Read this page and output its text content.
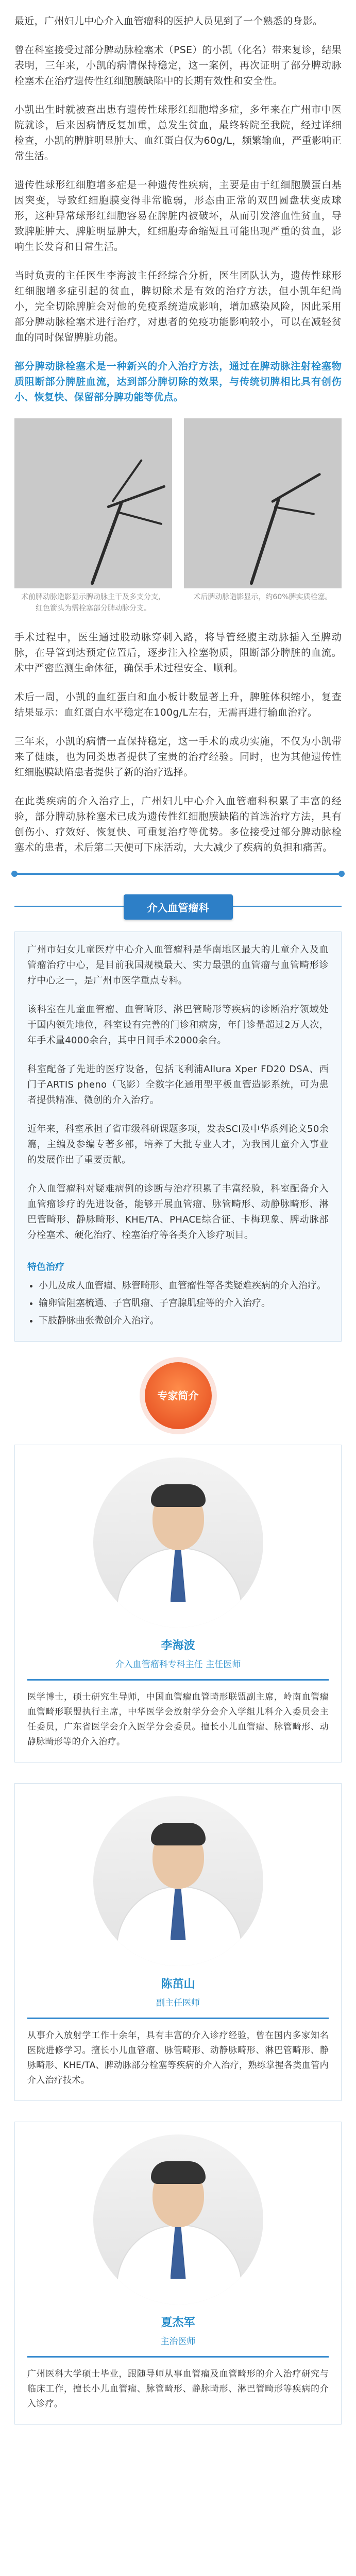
最近，广州妇儿中心介入血管瘤科的医护人员见到了一个熟悉的身影。

曾在科室接受过部分脾动脉栓塞术（PSE）的小凯（化名）带来复诊，结果表明，三年来，小凯的病情保持稳定，这一案例，再次证明了部分脾动脉栓塞术在治疗遗传性红细胞膜缺陷中的长期有效性和安全性。

小凯出生时就被查出患有遗传性球形红细胞增多症，多年来在广州市中医院就诊，后来因病情反复加重，总发生贫血，最终转院至我院，经过详细检查，小凯的脾脏明显肿大、血红蛋白仅为60g/L，频繁输血，严重影响正常生活。

遗传性球形红细胞增多症是一种遗传性疾病，主要是由于红细胞膜蛋白基因突变，导致红细胞膜变得非常脆弱，形态由正常的双凹圆盘状变成球形，这种异常球形红细胞容易在脾脏内被破坏，从而引发溶血性贫血，导致脾脏肿大、脾脏明显肿大，红细胞寿命缩短且可能出现严重的贫血，影响生长发育和日常生活。

当时负责的主任医生李海波主任经综合分析，医生团队认为，遗传性球形红细胞增多症引起的贫血，脾切除术是有效的治疗方法，但小凯年纪尚小，完全切除脾脏会对他的免疫系统造成影响，增加感染风险，因此采用部分脾动脉栓塞术进行治疗，对患者的免疫功能影响较小，可以在减轻贫血的同时保留脾脏功能。

部分脾动脉栓塞术是一种新兴的介入治疗方法，通过在脾动脉注射栓塞物质阻断部分脾脏血流，达到部分脾切除的效果，与传统切脾相比具有创伤小、恢复快、保留部分脾功能等优点。

术前脾动脉造影显示脾动脉主干及多支分支，红色箭头为需栓塞部分脾动脉分支。
术后脾动脉造影显示，约60%脾实质栓塞。

手术过程中，医生通过股动脉穿刺入路，将导管经腹主动脉插入至脾动脉，在导管到达预定位置后，逐步注入栓塞物质，阻断部分脾脏的血流。术中严密监测生命体征，确保手术过程安全、顺利。

术后一周，小凯的血红蛋白和血小板计数显著上升，脾脏体积缩小，复查结果显示：血红蛋白水平稳定在100g/L左右，无需再进行输血治疗。

三年来，小凯的病情一直保持稳定，这一手术的成功实施，不仅为小凯带来了健康，也为同类患者提供了宝贵的治疗经验。同时，也为其他遗传性红细胞膜缺陷患者提供了新的治疗选择。

在此类疾病的介入治疗上，广州妇儿中心介入血管瘤科积累了丰富的经验，部分脾动脉栓塞术已成为遗传性红细胞膜缺陷的首选治疗方法，具有创伤小、疗效好、恢复快、可重复治疗等优势。多位接受过部分脾动脉栓塞术的患者，术后第二天便可下床活动，大大减少了疾病的负担和痛苦。

介入血管瘤科

广州市妇女儿童医疗中心介入血管瘤科是华南地区最大的儿童介入及血管瘤治疗中心，是目前我国规模最大、实力最强的血管瘤与血管畸形诊疗中心之一，是广州市医学重点专科。

该科室在儿童血管瘤、血管畸形、淋巴管畸形等疾病的诊断治疗领域处于国内领先地位，科室设有完善的门诊和病房，年门诊量超过2万人次，年手术量4000余台，其中日间手术2000余台。

科室配备了先进的医疗设备，包括飞利浦Allura Xper FD20 DSA、西门子ARTIS pheno（飞影）全数字化通用型平板血管造影系统，可为患者提供精准、微创的介入治疗。

近年来，科室承担了省市级科研课题多项，发表SCI及中华系列论文50余篇，主编及参编专著多部，培养了大批专业人才，为我国儿童介入事业的发展作出了重要贡献。

介入血管瘤科对疑难病例的诊断与治疗积累了丰富经验，科室配备介入血管瘤诊疗的先进设备，能够开展血管瘤、脉管畸形、动静脉畸形、淋巴管畸形、静脉畸形、KHE/TA、PHACE综合征、卡梅现象、脾动脉部分栓塞术、硬化治疗、栓塞治疗等各类介入诊疗项目。

特色治疗
• 小儿及成人血管瘤、脉管畸形、血管瘤性等各类疑难疾病的介入治疗。
• 输卵管阻塞梳通、子宫肌瘤、子宫腺肌症等的介入治疗。
• 下肢静脉曲张微创介入治疗。
专家简介
李海波
介入血管瘤科专科主任 主任医师

医学博士，硕士研究生导师，中国血管瘤血管畸形联盟副主席，岭南血管瘤血管畸形联盟执行主席，中华医学会放射学分会介入学组儿科介入委员会主任委员，广东省医学会介入医学分会委员。擅长小儿血管瘤、脉管畸形、动静脉畸形等的介入治疗。

陈茁山
副主任医师

从事介入放射学工作十余年，具有丰富的介入诊疗经验，曾在国内多家知名医院进修学习。擅长小儿血管瘤、脉管畸形、动静脉畸形、淋巴管畸形、静脉畸形、KHE/TA、脾动脉部分栓塞等疾病的介入治疗，熟练掌握各类血管内介入治疗技术。

夏杰军
主治医师

广州医科大学硕士毕业，跟随导师从事血管瘤及血管畸形的介入治疗研究与临床工作，擅长小儿血管瘤、脉管畸形、静脉畸形、淋巴管畸形等疾病的介入诊疗。
